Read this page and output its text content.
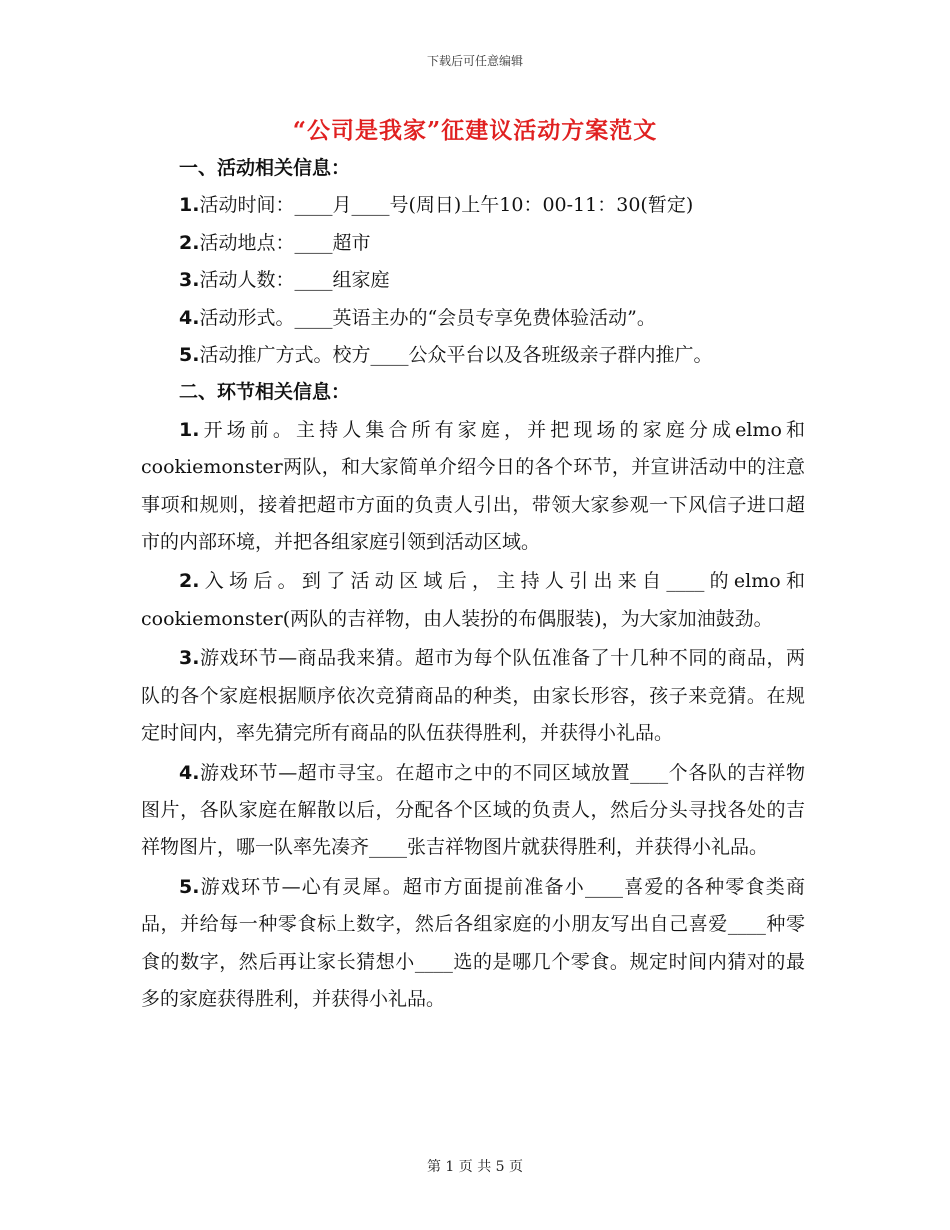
下载后可任意编辑
“公司是我家”征建议活动方案范文

一、活动相关信息：

1.活动时间：____月____号(周日)上午10：00-11：30(暂定)

2.活动地点：____超市

3.活动人数：____组家庭

4.活动形式。____英语主办的“会员专享免费体验活动”。

5.活动推广方式。校方____公众平台以及各班级亲子群内推广。

二、环节相关信息：

1.开场前。主持人集合所有家庭，并把现场的家庭分成elmo和cookiemonster两队，和大家简单介绍今日的各个环节，并宣讲活动中的注意事项和规则，接着把超市方面的负责人引出，带领大家参观一下风信子进口超市的内部环境，并把各组家庭引领到活动区域。

2.入场后。到了活动区域后，主持人引出来自____的elmo和cookiemonster(两队的吉祥物，由人装扮的布偶服装)，为大家加油鼓劲。

3.游戏环节—商品我来猜。超市为每个队伍准备了十几种不同的商品，两队的各个家庭根据顺序依次竞猜商品的种类，由家长形容，孩子来竞猜。在规定时间内，率先猜完所有商品的队伍获得胜利，并获得小礼品。

4.游戏环节—超市寻宝。在超市之中的不同区域放置____个各队的吉祥物图片，各队家庭在解散以后，分配各个区域的负责人，然后分头寻找各处的吉祥物图片，哪一队率先凑齐____张吉祥物图片就获得胜利，并获得小礼品。

5.游戏环节—心有灵犀。超市方面提前准备小____喜爱的各种零食类商品，并给每一种零食标上数字，然后各组家庭的小朋友写出自己喜爱____种零食的数字，然后再让家长猜想小____选的是哪几个零食。规定时间内猜对的最多的家庭获得胜利，并获得小礼品。

第 1 页 共 5 页
